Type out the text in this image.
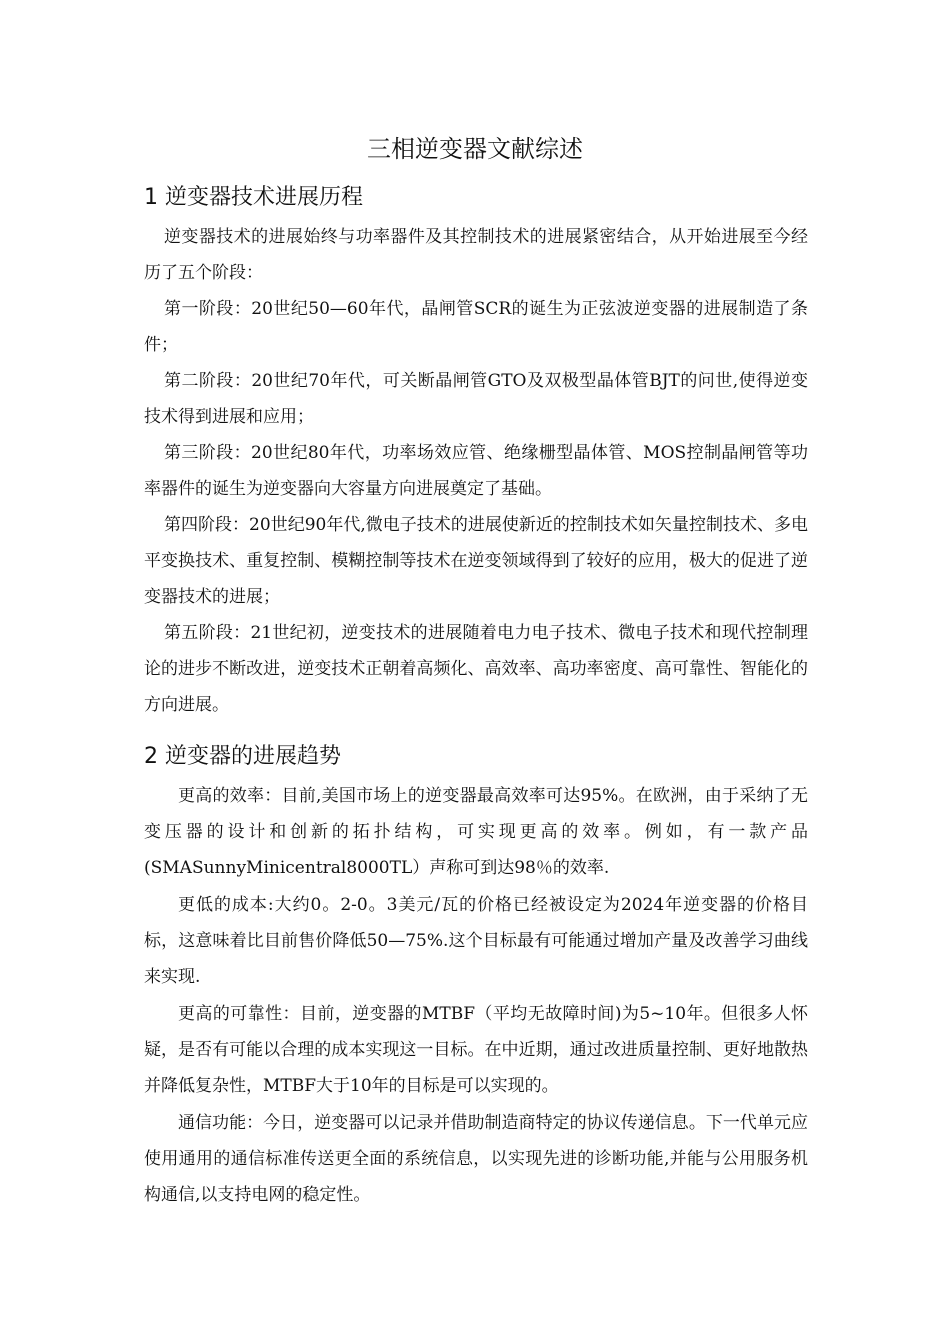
三相逆变器文献综述
1 逆变器技术进展历程

逆变器技术的进展始终与功率器件及其控制技术的进展紧密结合，从开始进展至今经历了五个阶段：

第一阶段：20世纪50—60年代，晶闸管SCR的诞生为正弦波逆变器的进展制造了条件；

第二阶段：20世纪70年代，可关断晶闸管GTO及双极型晶体管BJT的问世,使得逆变技术得到进展和应用；

第三阶段：20世纪80年代，功率场效应管、绝缘栅型晶体管、MOS控制晶闸管等功率器件的诞生为逆变器向大容量方向进展奠定了基础。

第四阶段：20世纪90年代,微电子技术的进展使新近的控制技术如矢量控制技术、多电平变换技术、重复控制、模糊控制等技术在逆变领域得到了较好的应用，极大的促进了逆变器技术的进展；

第五阶段：21世纪初，逆变技术的进展随着电力电子技术、微电子技术和现代控制理论的进步不断改进，逆变技术正朝着高频化、高效率、高功率密度、高可靠性、智能化的方向进展。

2 逆变器的进展趋势

更高的效率：目前,美国市场上的逆变器最高效率可达95%。在欧洲，由于采纳了无变压器的设计和创新的拓扑结构，可实现更高的效率。例如，有一款产品(SMASunnyMinicentral8000TL）声称可到达98％的效率.

更低的成本:大约0。2-0。3美元/瓦的价格已经被设定为2024年逆变器的价格目标，这意味着比目前售价降低50—75%.这个目标最有可能通过增加产量及改善学习曲线来实现.

更高的可靠性：目前，逆变器的MTBF（平均无故障时间)为5~10年。但很多人怀疑，是否有可能以合理的成本实现这一目标。在中近期，通过改进质量控制、更好地散热并降低复杂性，MTBF大于10年的目标是可以实现的。

通信功能：今日，逆变器可以记录并借助制造商特定的协议传递信息。下一代单元应使用通用的通信标准传送更全面的系统信息，以实现先进的诊断功能,并能与公用服务机构通信,以支持电网的稳定性。
